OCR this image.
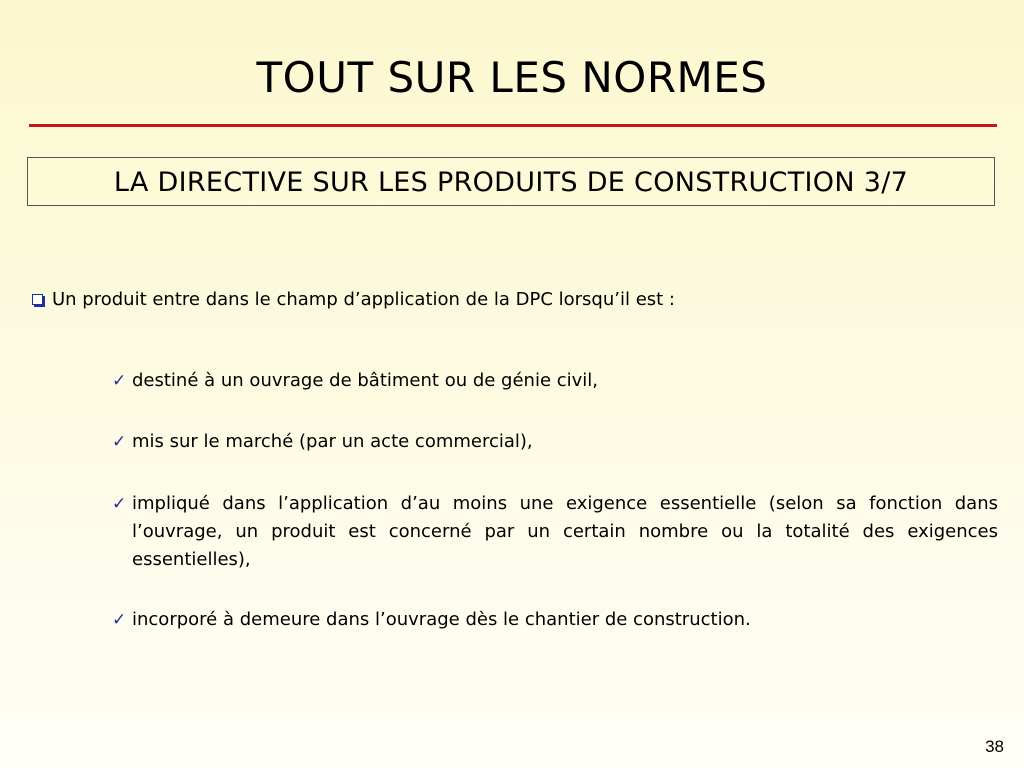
TOUT SUR LES NORMES
LA DIRECTIVE SUR LES PRODUITS DE CONSTRUCTION 3/7
Un produit entre dans le champ d’application de la DPC lorsqu’il est :
✓ destiné à un ouvrage de bâtiment ou de génie civil,
✓ mis sur le marché (par un acte commercial),
✓ impliqué dans l’application d’au moins une exigence essentielle (selon sa fonction dans l’ouvrage, un produit est concerné par un certain nombre ou la totalité des exigences essentielles),
✓ incorporé à demeure dans l’ouvrage dès le chantier de construction.
38
